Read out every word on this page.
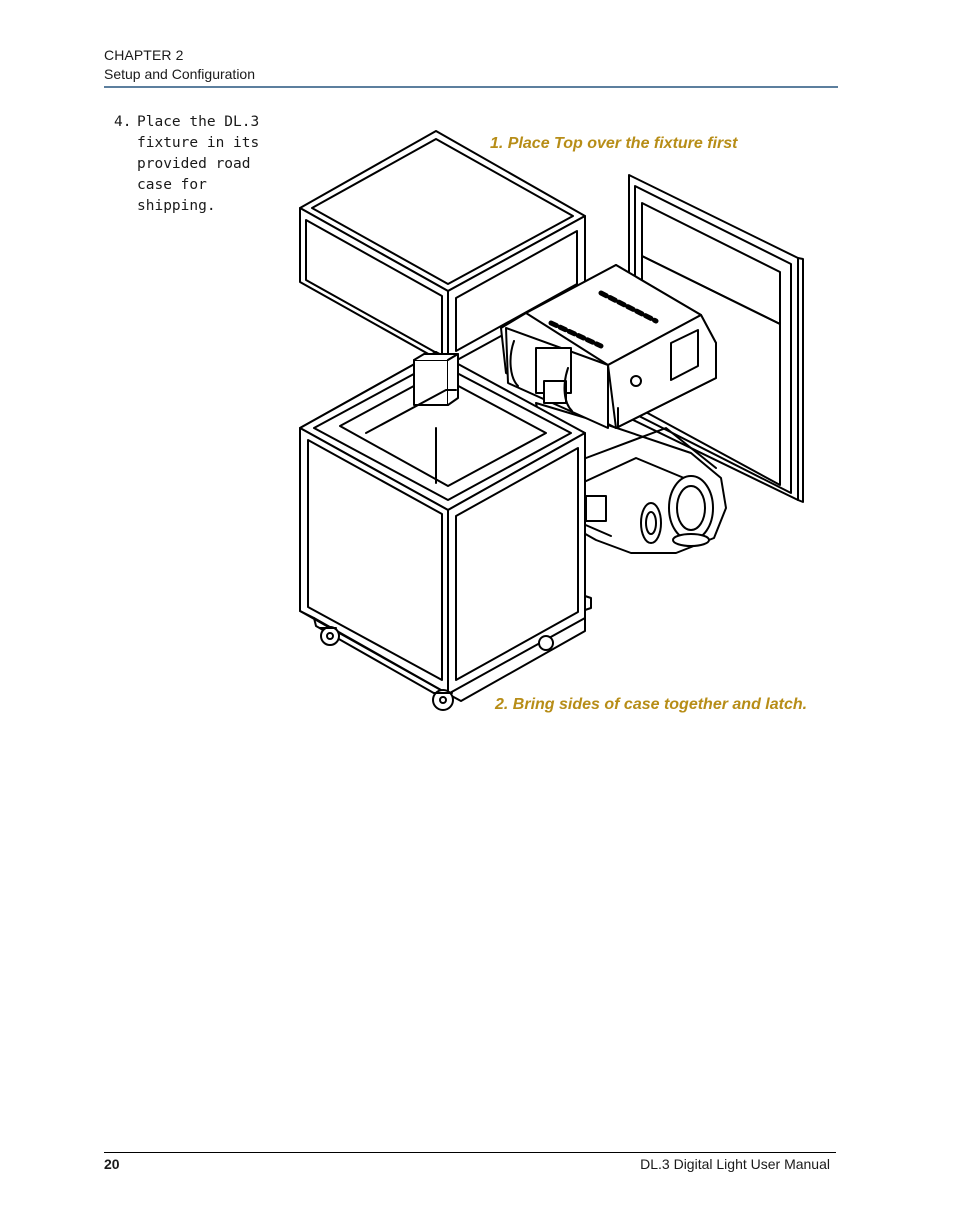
CHAPTER 2
Setup and Configuration
4. Place the DL.3 fixture in its provided road case for shipping.
1. Place Top over the fixture first
2. Bring sides of case together and latch.
20	DL.3 Digital Light User Manual
